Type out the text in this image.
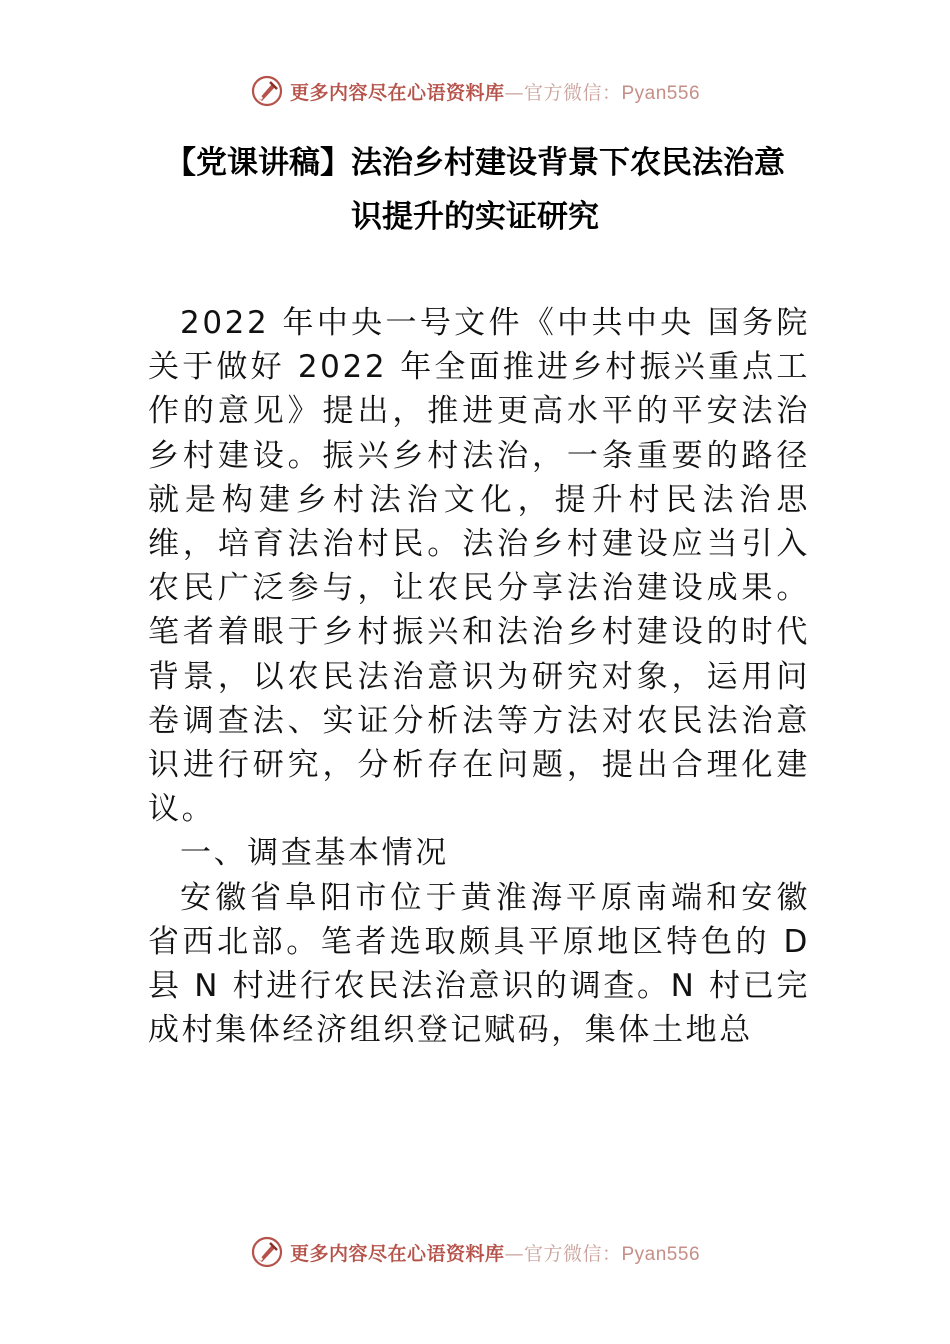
更多内容尽在心语资料库—官方微信：Pyan556
【党课讲稿】法治乡村建设背景下农民法治意
识提升的实证研究

2022 年中央一号文件《中共中央 国务院关于做好 2022 年全面推进乡村振兴重点工作的意见》提出，推进更高水平的平安法治乡村建设。振兴乡村法治，一条重要的路径就是构建乡村法治文化，提升村民法治思维，培育法治村民。法治乡村建设应当引入农民广泛参与，让农民分享法治建设成果。笔者着眼于乡村振兴和法治乡村建设的时代背景，以农民法治意识为研究对象，运用问卷调查法、实证分析法等方法对农民法治意识进行研究，分析存在问题，提出合理化建议。

一、调查基本情况

安徽省阜阳市位于黄淮海平原南端和安徽省西北部。笔者选取颇具平原地区特色的 D 县 N 村进行农民法治意识的调查。N 村已完成村集体经济组织登记赋码，集体土地总

更多内容尽在心语资料库—官方微信：Pyan556
